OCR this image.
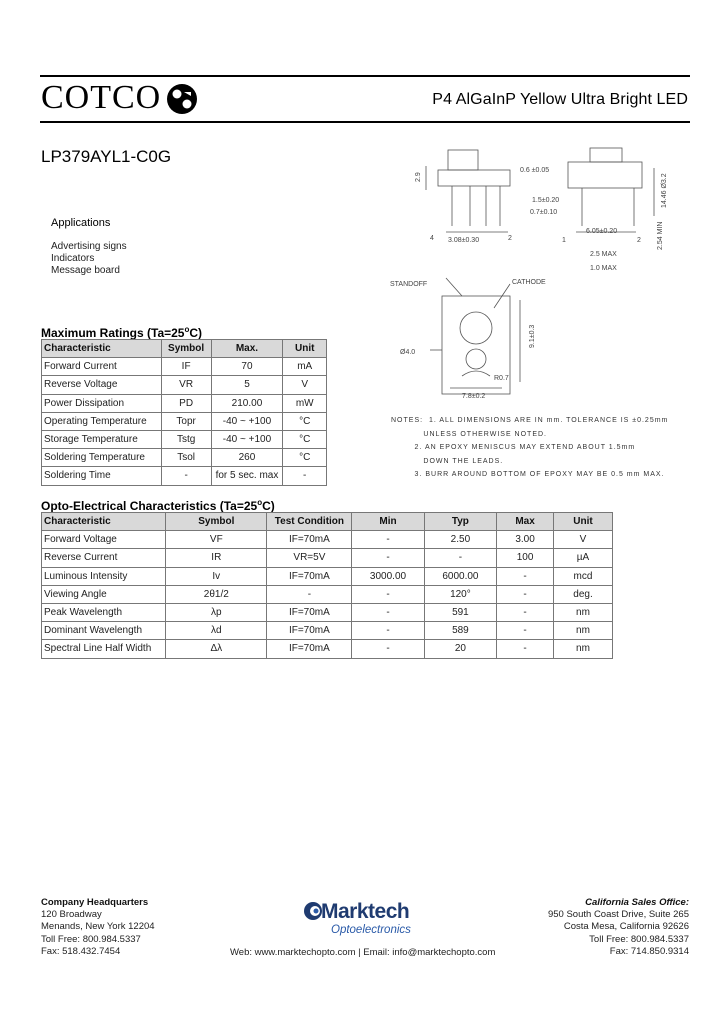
COTCO	P4 AlGaInP Yellow Ultra Bright LED
LP379AYL1-C0G
Applications
Advertising signs
Indicators
Message board
2.9
0.6 ±0.05
3.08±0.30
4	2
1.5±0.20
0.7±0.10
6.05±0.20
1	2
14.46 Ø3.2
2.54 MIN
2.5 MAX
1.0 MAX
STANDOFF	CATHODE
Ø4.0
R0.7
7.8±0.2
9.1±0.3
NOTES:  1. ALL DIMENSIONS ARE IN mm. TOLERANCE IS ±0.25mm
UNLESS OTHERWISE NOTED.
2. AN EPOXY MENISCUS MAY EXTEND ABOUT 1.5mm
DOWN THE LEADS.
3. BURR AROUND BOTTOM OF EPOXY MAY BE 0.5 mm MAX.
Maximum Ratings $(Ta=25^oC)$
Characteristic	Symbol	Max.	Unit
Forward Current	IF	70	mA
Reverse Voltage	VR	5	V
Power Dissipation	PD	210.00	mW
Operating Temperature	Topr	-40 ~ +100	°C
Storage Temperature	Tstg	-40 ~ +100	°C
Soldering Temperature	Tsol	260	°C
Soldering Time	-	for 5 sec. max	-
Opto-Electrical Characteristics $(Ta=25^oC)$
Characteristic	Symbol	Test Condition	Min	Typ	Max	Unit
Forward Voltage	VF	IF=70mA	-	2.50	3.00	V
Reverse Current	IR	VR=5V	-	-	100	µA
Luminous Intensity	Iv	IF=70mA	3000.00	6000.00	-	mcd
Viewing Angle	2θ1/2	-	-	120°	-	deg.
Peak Wavelength	λp	IF=70mA	-	591	-	nm
Dominant Wavelength	λd	IF=70mA	-	589	-	nm
Spectral Line Half Width	Δλ	IF=70mA	-	20	-	nm
Company Headquarters
120 Broadway
Menands, New York 12204
Toll Free: 800.984.5337
Fax: 518.432.7454
Marktech
Optoelectronics
California Sales Office:
950 South Coast Drive, Suite 265
Costa Mesa, California 92626
Toll Free: 800.984.5337
Fax: 714.850.9314
Web: www.marktechopto.com | Email: info@marktechopto.com
